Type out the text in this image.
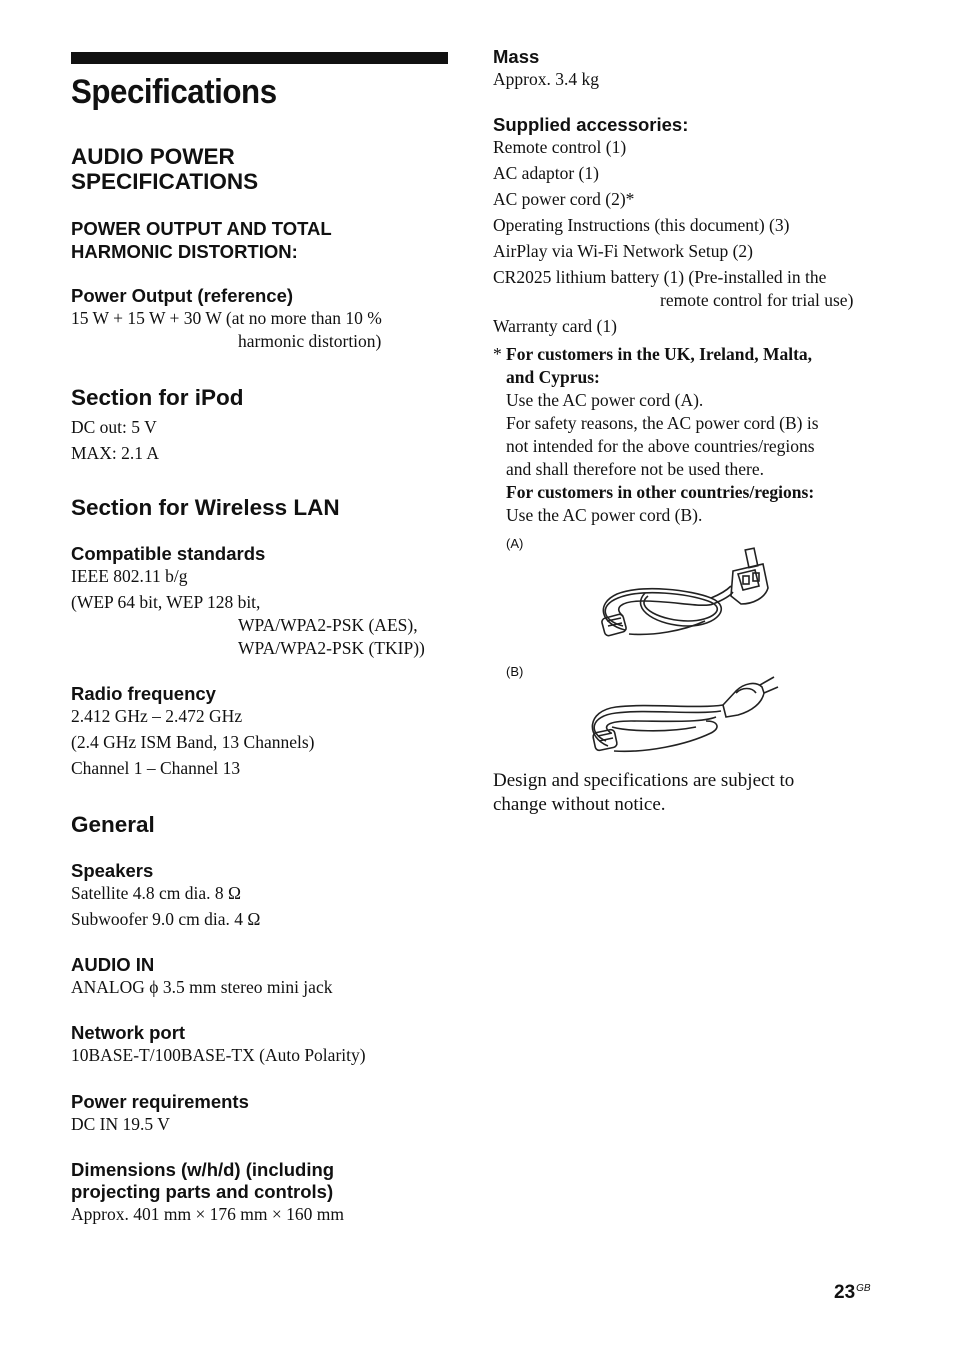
Specifications

AUDIO POWER

SPECIFICATIONS

POWER OUTPUT AND TOTAL

HARMONIC DISTORTION:

Power Output (reference)

15 W + 15 W + 30 W (at no more than 10 %

harmonic distortion)

Section for iPod

DC out: 5 V

MAX: 2.1 A

Section for Wireless LAN

Compatible standards

IEEE 802.11 b/g

(WEP 64 bit, WEP 128 bit,

WPA/WPA2-PSK (AES),

WPA/WPA2-PSK (TKIP))

Radio frequency

2.412 GHz – 2.472 GHz

(2.4 GHz ISM Band, 13 Channels)

Channel 1 – Channel 13

General

Speakers

Satellite 4.8 cm dia. 8 Ω

Subwoofer 9.0 cm dia. 4 Ω

AUDIO IN

ANALOG ϕ 3.5 mm stereo mini jack

Network port

10BASE-T/100BASE-TX (Auto Polarity)

Power requirements

DC IN 19.5 V

Dimensions (w/h/d) (including

projecting parts and controls)

Approx. 401 mm × 176 mm × 160 mm

Mass

Approx. 3.4 kg

Supplied accessories:

Remote control (1)

AC adaptor (1)

AC power cord (2)*

Operating Instructions (this document) (3)

AirPlay via Wi-Fi Network Setup (2)

CR2025 lithium battery (1) (Pre-installed in the

remote control for trial use)

Warranty card (1)

* For customers in the UK, Ireland, Malta,

and Cyprus:

Use the AC power cord (A).

For safety reasons, the AC power cord (B) is

not intended for the above countries/regions

and shall therefore not be used there.

For customers in other countries/regions:

Use the AC power cord (B).

(A)
(B)

Design and specifications are subject to

change without notice.

$23^{GB}$
